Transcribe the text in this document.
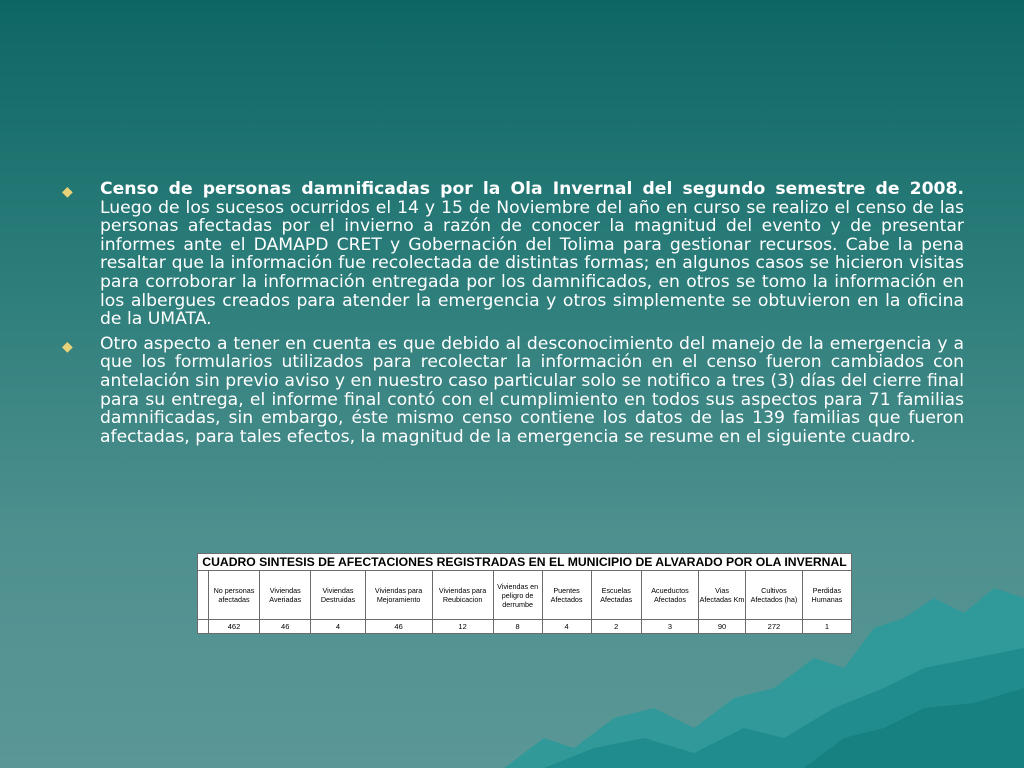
◆	Censo de personas damnificadas por la Ola Invernal del segundo semestre de 2008. Luego de los sucesos ocurridos el 14 y 15 de Noviembre del año en curso se realizo el censo de las personas afectadas por el invierno a razón de conocer la magnitud del evento y de presentar informes ante el DAMAPD CRET y Gobernación del Tolima para gestionar recursos. Cabe la pena resaltar que la información fue recolectada de distintas formas; en algunos casos se hicieron visitas para corroborar la información entregada por los damnificados, en otros se tomo la información en los albergues creados para atender la emergencia y otros simplemente se obtuvieron en la oficina de la UMATA.

◆	Otro aspecto a tener en cuenta es que debido al desconocimiento del manejo de la emergencia y a que los formularios utilizados para recolectar la información en el censo fueron cambiados con antelación sin previo aviso y en nuestro caso particular solo se notifico a tres (3) días del cierre final para su entrega, el informe final contó con el cumplimiento en todos sus aspectos para 71 familias damnificadas, sin embargo, éste mismo censo contiene los datos de las 139 familias que fueron afectadas, para tales efectos, la magnitud de la emergencia se resume en el siguiente cuadro.

CUADRO SINTESIS DE AFECTACIONES REGISTRADAS EN EL MUNICIPIO DE ALVARADO POR OLA INVERNAL												
	No personas afectadas	Viviendas Averiadas	Viviendas Destruidas	Viviendas para Mejoramiento	Viviendas para Reubicacion	Viviendas en peligro de derrumbe	Puentes Afectados	Escuelas Afectadas	Acueductos Afectados	Vias Afectadas Km	Cultivos Afectados (ha)	Perdidas Humanas
	462	46	4	46	12	8	4	2	3	90	272	1
